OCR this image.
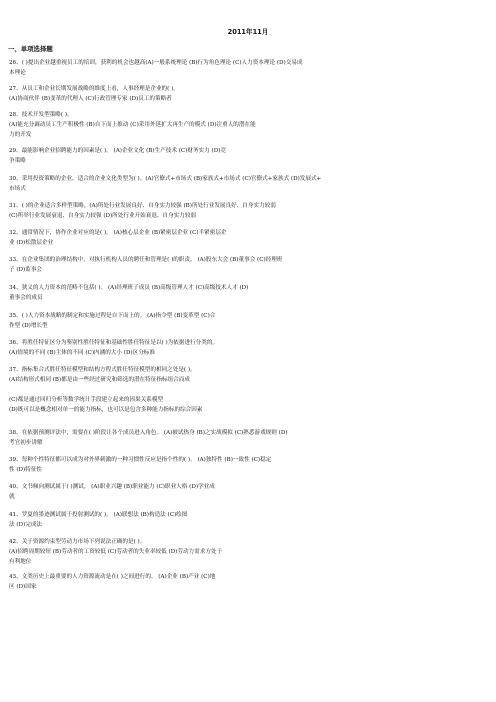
2011年11月
一、单项选择题
26、( )提出企业越重视员工的培训，获利的机会也越高(A)一般系统理论 (B)行为角色理论 (C)人力资本理论 (D)交易成
本理论
27、从员工和企业长期发展战略的维度上看，人事经理是企业的( )。
(A)协商伙伴 (B)变革的代理人 (C)行政管理专家 (D)员工的策略者
28、技术开发型策略( )。
(A)能充分调动员工生产积极性 (B)自下而上推动 (C)采用外延扩大再生产的模式 (D)注重人的潜在能
力的开发
29、最能影响企业招聘能力的因素是( )。 (A)企业文化 (B)生产技术 (C)财务实力 (D)竞
争策略
30、采用投资策略的企业，适合的企业文化类型为( )。(A)官僚式+市场式 (B)家族式+市场式 (C)官僚式+家族式 (D)发展式+
市场式
31、( )的企业适合多样型策略。(A)所处行业发展良好、自身实力较强 (B)所处行业发展良好、自身实力较弱
(C)所举行业发展衰退、自身实力较强 (D)所处行业开始衰退、自身实力较弱
32、通常情况下，协作企业对应的是( )。 (A)核心层企业 (B)紧密层企业 (C)半紧密层企
业 (D)松散层企业
33、在企业集团的治理结构中，对执行机构人员的聘任和管理是( )的职责。 (A)股东大会 (B)董事会 (C)经理班
子 (D)监事会
34、狭义的人力资本的范畴不包括( )。 (A)经理班子成员 (B)高级管理人才 (C)高级技术人才 (D)
董事会的成员
35、( )人力资本战略的制定和实施过程是自下而上的。 (A)指令型 (B)变革型 (C)合
作型 (D)增长型
36、将胜任特征区分为鉴别性胜任特征和基础性胜任特征是以( )为依据进行分类的。
(A)情境的不同 (B)主体的不同 (C)内涵的大小 (D)区分标准
37、指标集合式胜任特征模型和结构方程式胜任特征模型的相同之处是( )。
(A)结构形式相同 (B)都是由一些经过研究和筛选的潜在特征指标组合而成
(C)都是通过回归分析等数学统计手段建立起来的因果关系模型
(D)既可以是概念相对单一的能力指标，也可以是包含多种能力指标的综合因素
38、在依据预测评法中，需要在( )阶段让各个成员进入角色。 (A)被试热身 (B)之实战模拟 (C)熟悉游戏规则 (D)
考官初步讲解
39、每种个性特征都可以成为对外界刺激的一种习惯性反应是指个性的( )。 (A)独特性 (B)一致性 (C)稳定
性 (D)特征性
40、文书倾向测试属于( )测试。 (A)职业兴趣 (B)职业能力 (C)职业人格 (D)学业成
就
41、罗夏的墨迹测试属于投射测试的( )。 (A)联想法 (B)构造法 (C)绘图
法 (D)完成法
42、关于资源约束型劳动力市场下列说法正确的是( )。
(A)招聘周期较短 (B)劳动者的工资较低 (C)劳动者的失业率较低 (D)劳动力需求方处于
有利地位
43、文类历史上最重要的人力资源流动是在( )之间进行的。 (A)企业 (B)产业 (C)地
区 (D)国家
